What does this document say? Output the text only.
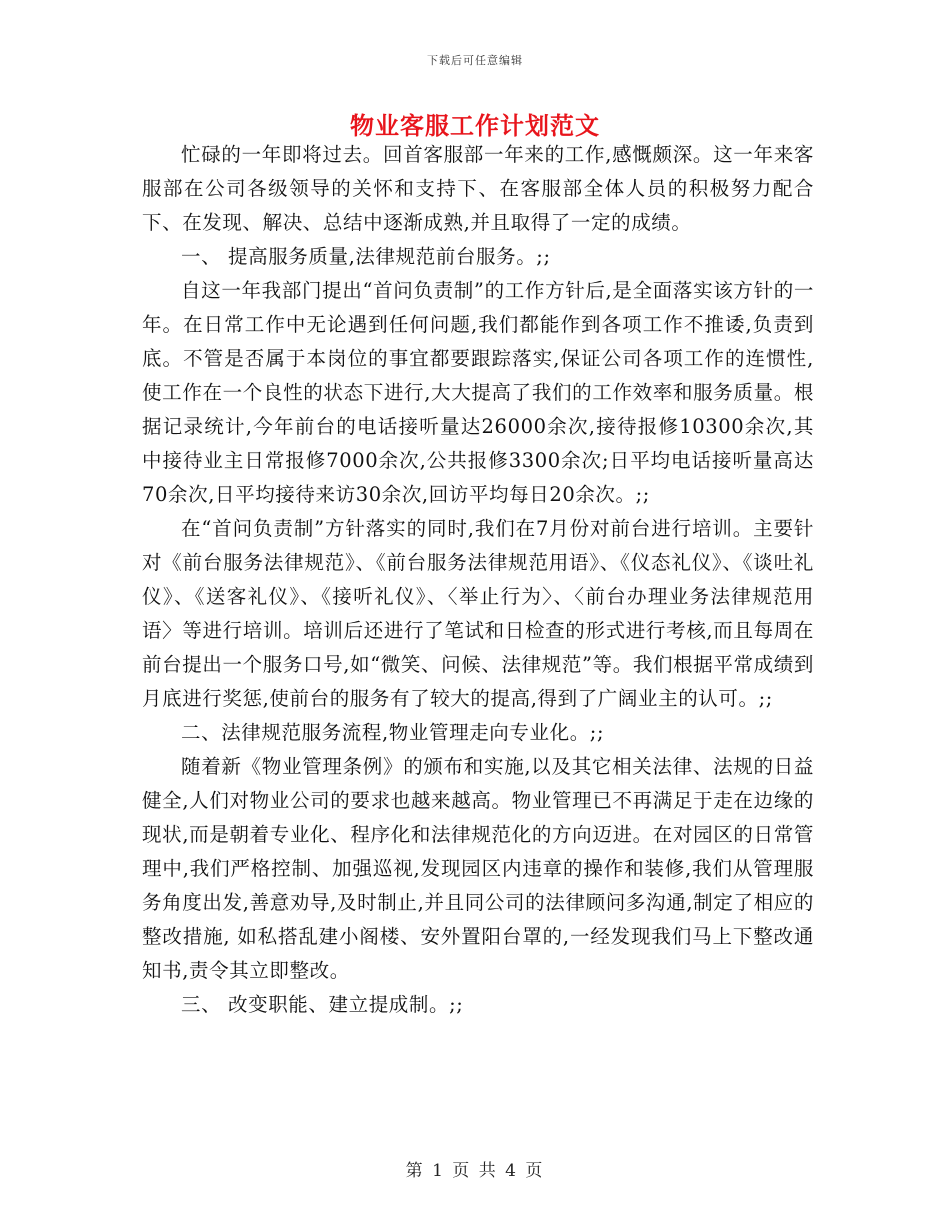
下载后可任意编辑
物业客服工作计划范文

忙碌的一年即将过去。回首客服部一年来的工作,感慨颇深。这一年来客服部在公司各级领导的关怀和支持下、在客服部全体人员的积极努力配合下、在发现、解决、总结中逐渐成熟,并且取得了一定的成绩。

一、 提高服务质量,法律规范前台服务。;;

自这一年我部门提出“首问负责制”的工作方针后,是全面落实该方针的一年。在日常工作中无论遇到任何问题,我们都能作到各项工作不推诿,负责到底。不管是否属于本岗位的事宜都要跟踪落实,保证公司各项工作的连惯性,使工作在一个良性的状态下进行,大大提高了我们的工作效率和服务质量。根据记录统计,今年前台的电话接听量达26000余次,接待报修10300余次,其中接待业主日常报修7000余次,公共报修3300余次;日平均电话接听量高达70余次,日平均接待来访30余次,回访平均每日20余次。;;

在“首问负责制”方针落实的同时,我们在7月份对前台进行培训。主要针对《前台服务法律规范》、《前台服务法律规范用语》、《仪态礼仪》、《谈吐礼仪》、《送客礼仪》、《接听礼仪》、〈举止行为〉、〈前台办理业务法律规范用语〉等进行培训。培训后还进行了笔试和日检查的形式进行考核,而且每周在前台提出一个服务口号,如“微笑、问候、法律规范”等。我们根据平常成绩到月底进行奖惩,使前台的服务有了较大的提高,得到了广阔业主的认可。;;

二、法律规范服务流程,物业管理走向专业化。;;

随着新《物业管理条例》的颁布和实施,以及其它相关法律、法规的日益健全,人们对物业公司的要求也越来越高。物业管理已不再满足于走在边缘的现状,而是朝着专业化、程序化和法律规范化的方向迈进。在对园区的日常管理中,我们严格控制、加强巡视,发现园区内违章的操作和装修,我们从管理服务角度出发,善意劝导,及时制止,并且同公司的法律顾问多沟通,制定了相应的整改措施, 如私搭乱建小阁楼、安外置阳台罩的,一经发现我们马上下整改通知书,责令其立即整改。

三、 改变职能、建立提成制。;;

第 1 页 共 4 页
